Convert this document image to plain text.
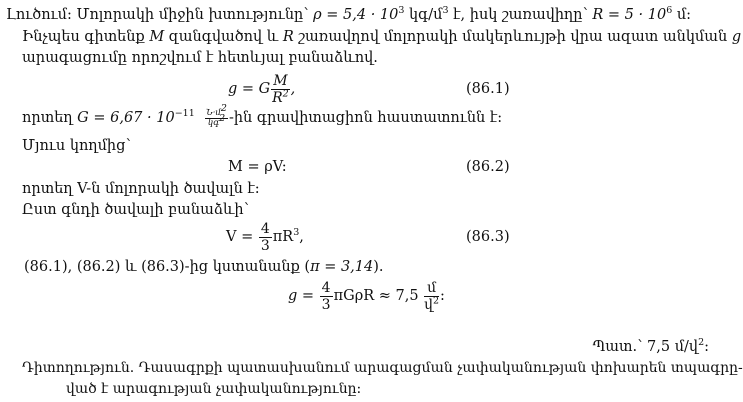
Լուծում: Մոլորակի միջին խտությունը՝ $\rho = 5,4 \cdot 10^3$ կգ/մ$^3$ է, իսկ շառավիղը՝ $R = 5 \cdot 10^6$ մ:
Ինչպես գիտենք M զանգվածով և R շառավղով մոլորակի մակերևույթի վրա ազատ անկման g
արագացումը որոշվում է հետևյալ բանաձևով.
g = G $\frac{M}{R^2}$ ,	(86.1)
որտեղ $G = 6,67 \cdot 10^{-11} \frac{\text{Ն·մ2}}{\text{կգ2}}$ -ին գրավիտացիոն հաստատունն է:
Մյուս կողմից՝
M = ρV:	(86.2)
որտեղ V-ն մոլորակի ծավալն է:
Ըստ գնդի ծավալի բանաձևի՝
$V = \frac{4}{3} \pi R^3$,	(86.3)
(86.1), (86.2) և (86.3)-ից կստանանք (π = 3,14).
$g = \frac{4}{3}$ $\pi G\rho R \approx 7,5 \frac{\text{մ}}{վ^2}$ :
Պատ.՝ 7,5 մ/վ$^2$:
Դիտողություն. Դասագրքի պատասխանում արագացման չափականության փոխարեն տպագրը-
ված է արագության չափականությունը:
